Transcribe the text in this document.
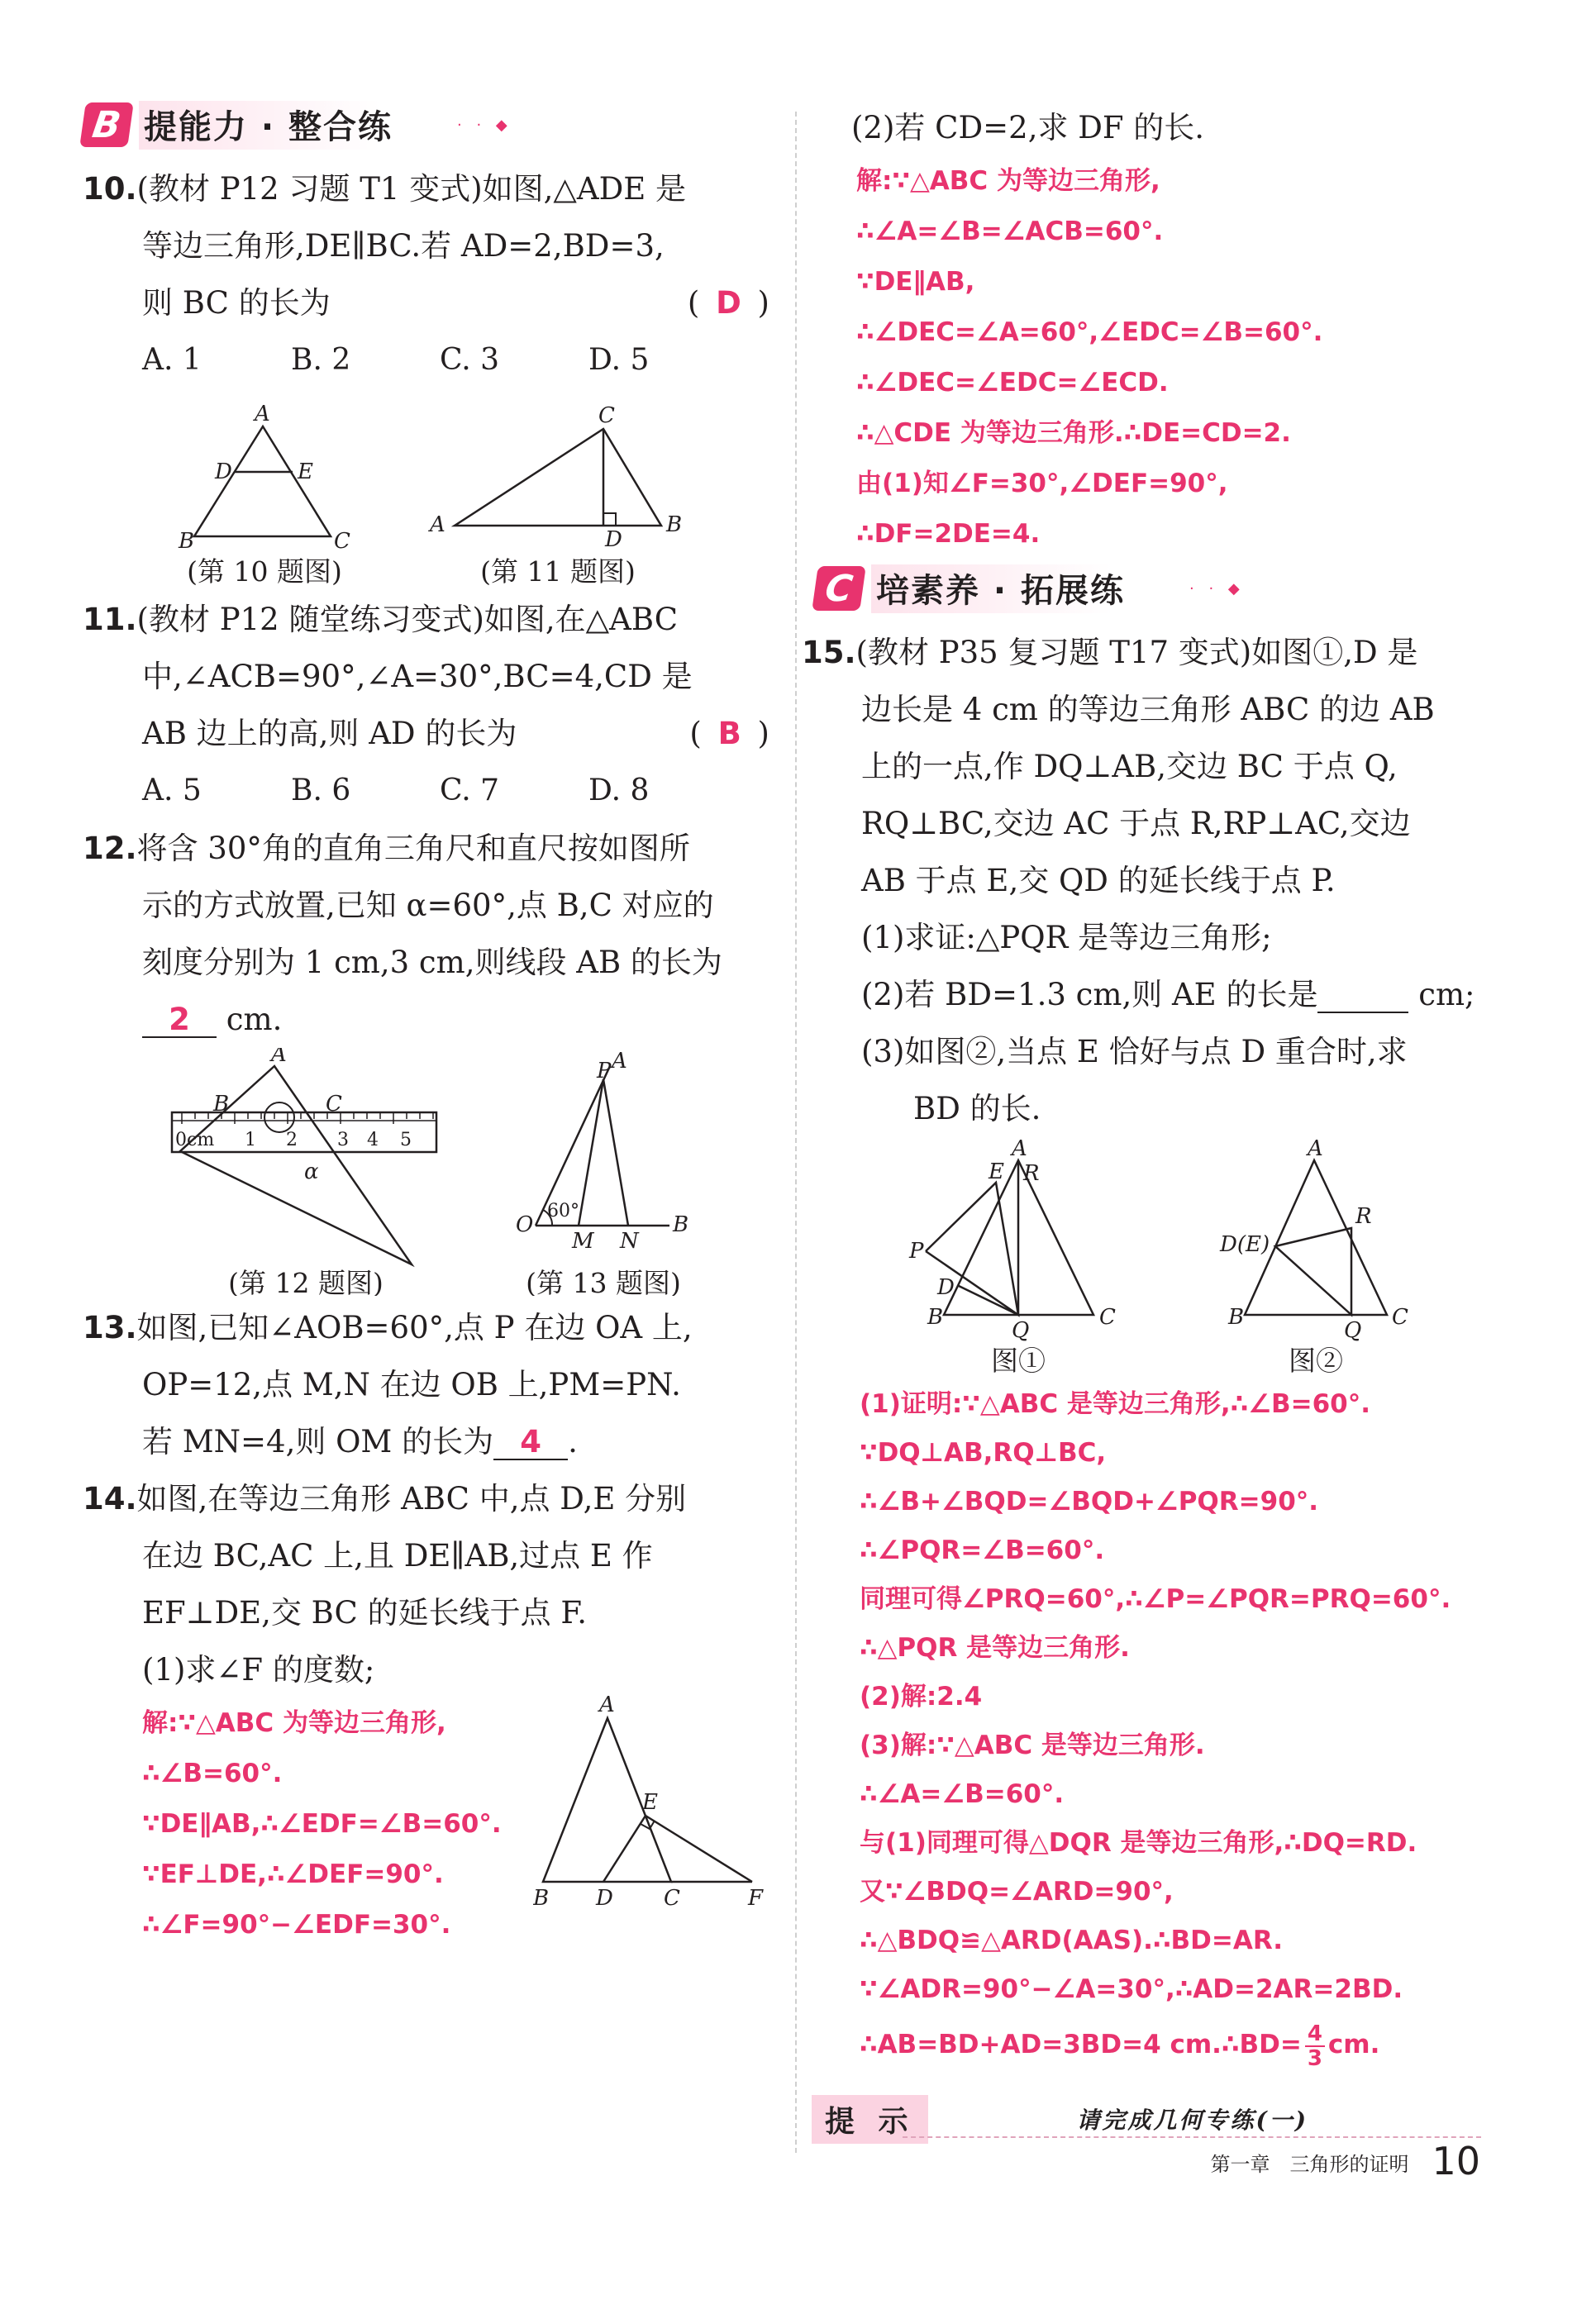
B 提能力 · 整合练	· · ◆
10.(教材 P12 习题 T1 变式)如图,△ADE 是
等边三角形,DE∥BC.若 AD=2,BD=3,
则 BC 的长为	( D )
A. 1	B. 2	C. 3	D. 5
A
D	E
B	C
(第 10 题图)
A
C
B
D
(第 11 题图)
11.(教材 P12 随堂练习变式)如图,在△ABC
中,∠ACB=90°,∠A=30°,BC=4,CD 是
AB 边上的高,则 AD 的长为	( B )
A. 5	B. 6	C. 7	D. 8
12.将含 30°角的直角三角尺和直尺按如图所
示的方式放置,已知 α=60°,点 B,C 对应的
刻度分别为 1 cm,3 cm,则线段 AB 的长为
2 cm.
0cm	2
1	3 4 5
A
B	C
α
(第 12 题图)
P A
O
60°
M N
B
(第 13 题图)
13.如图,已知∠AOB=60°,点 P 在边 OA 上,
OP=12,点 M,N 在边 OB 上,PM=PN.
若 MN=4,则 OM 的长为 4 .
14.如图,在等边三角形 ABC 中,点 D,E 分别
在边 BC,AC 上,且 DE∥AB,过点 E 作
EF⊥DE,交 BC 的延长线于点 F.
(1)求∠F 的度数;
解:∵△ABC 为等边三角形,
∴∠B=60°.
∵DE∥AB,∴∠EDF=∠B=60°.
∵EF⊥DE,∴∠DEF=90°.
∴∠F=90°−∠EDF=30°.
A
E
B D C	F
(2)若 CD=2,求 DF 的长.
解:∵△ABC 为等边三角形,
∴∠A=∠B=∠ACB=60°.
∵DE∥AB,
∴∠DEC=∠A=60°,∠EDC=∠B=60°.
∴∠DEC=∠EDC=∠ECD.
∴△CDE 为等边三角形.∴DE=CD=2.
由(1)知∠F=30°,∠DEF=90°,
∴DF=2DE=4.
C 培素养 · 拓展练	· · ◆
15.(教材 P35 复习题 T17 变式)如图①,D 是
边长是 4 cm 的等边三角形 ABC 的边 AB
上的一点,作 DQ⊥AB,交边 BC 于点 Q,
RQ⊥BC,交边 AC 于点 R,RP⊥AC,交边
AB 于点 E,交 QD 的延长线于点 P.
(1)求证:△PQR 是等边三角形;
(2)若 BD=1.3 cm,则 AE 的长是	cm;
(3)如图②,当点 E 恰好与点 D 重合时,求
BD 的长.
A
E R
P
D
B
Q
C
图①
A
R
D(E)
B
Q
C
图②
(1)证明:∵△ABC 是等边三角形,∴∠B=60°.
∵DQ⊥AB,RQ⊥BC,
∴∠B+∠BQD=∠BQD+∠PQR=90°.
∴∠PQR=∠B=60°.
同理可得∠PRQ=60°,∴∠P=∠PQR=PRQ=60°.
∴△PQR 是等边三角形.
(2)解:2.4
(3)解:∵△ABC 是等边三角形.
∴∠A=∠B=60°.
与(1)同理可得△DQR 是等边三角形,∴DQ=RD.
又∵∠BDQ=∠ARD=90°,
∴△BDQ≌△ARD(AAS).∴BD=AR.
∵∠ADR=90°−∠A=30°,∴AD=2AR=2BD.
∴AB=BD+AD=3BD=4 cm.∴BD= $\frac{4}{3}$ cm.
提 示	请完成几何专练(一)
第一章　三角形的证明 10
